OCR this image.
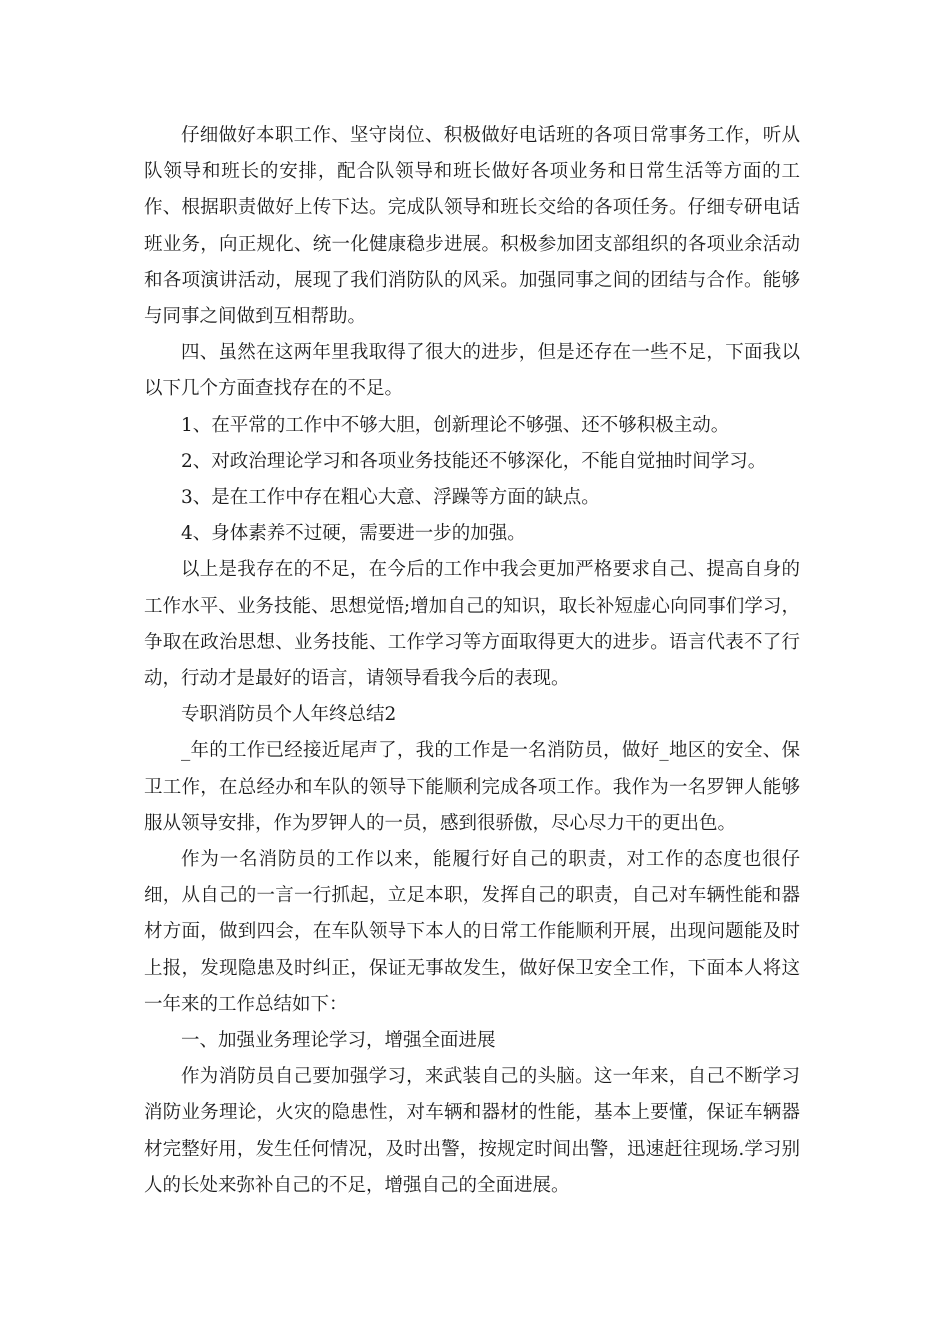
仔细做好本职工作、坚守岗位、积极做好电话班的各项日常事务工作，听从队领导和班长的安排，配合队领导和班长做好各项业务和日常生活等方面的工作、根据职责做好上传下达。完成队领导和班长交给的各项任务。仔细专研电话班业务，向正规化、统一化健康稳步进展。积极参加团支部组织的各项业余活动和各项演讲活动，展现了我们消防队的风采。加强同事之间的团结与合作。能够与同事之间做到互相帮助。

四、虽然在这两年里我取得了很大的进步，但是还存在一些不足，下面我以以下几个方面查找存在的不足。

1、在平常的工作中不够大胆，创新理论不够强、还不够积极主动。

2、对政治理论学习和各项业务技能还不够深化，不能自觉抽时间学习。

3、是在工作中存在粗心大意、浮躁等方面的缺点。

4、身体素养不过硬，需要进一步的加强。

以上是我存在的不足，在今后的工作中我会更加严格要求自己、提高自身的工作水平、业务技能、思想觉悟;增加自己的知识，取长补短虚心向同事们学习，争取在政治思想、业务技能、工作学习等方面取得更大的进步。语言代表不了行动，行动才是最好的语言，请领导看我今后的表现。

专职消防员个人年终总结2

_年的工作已经接近尾声了，我的工作是一名消防员，做好_地区的安全、保卫工作，在总经办和车队的领导下能顺利完成各项工作。我作为一名罗钾人能够服从领导安排，作为罗钾人的一员，感到很骄傲，尽心尽力干的更出色。

作为一名消防员的工作以来，能履行好自己的职责，对工作的态度也很仔细，从自己的一言一行抓起，立足本职，发挥自己的职责，自己对车辆性能和器材方面，做到四会，在车队领导下本人的日常工作能顺利开展，出现问题能及时上报，发现隐患及时纠正，保证无事故发生，做好保卫安全工作，下面本人将这一年来的工作总结如下：

一、加强业务理论学习，增强全面进展

作为消防员自己要加强学习，来武装自己的头脑。这一年来，自己不断学习消防业务理论，火灾的隐患性，对车辆和器材的性能，基本上要懂，保证车辆器材完整好用，发生任何情况，及时出警，按规定时间出警，迅速赶往现场.学习别人的长处来弥补自己的不足，增强自己的全面进展。
